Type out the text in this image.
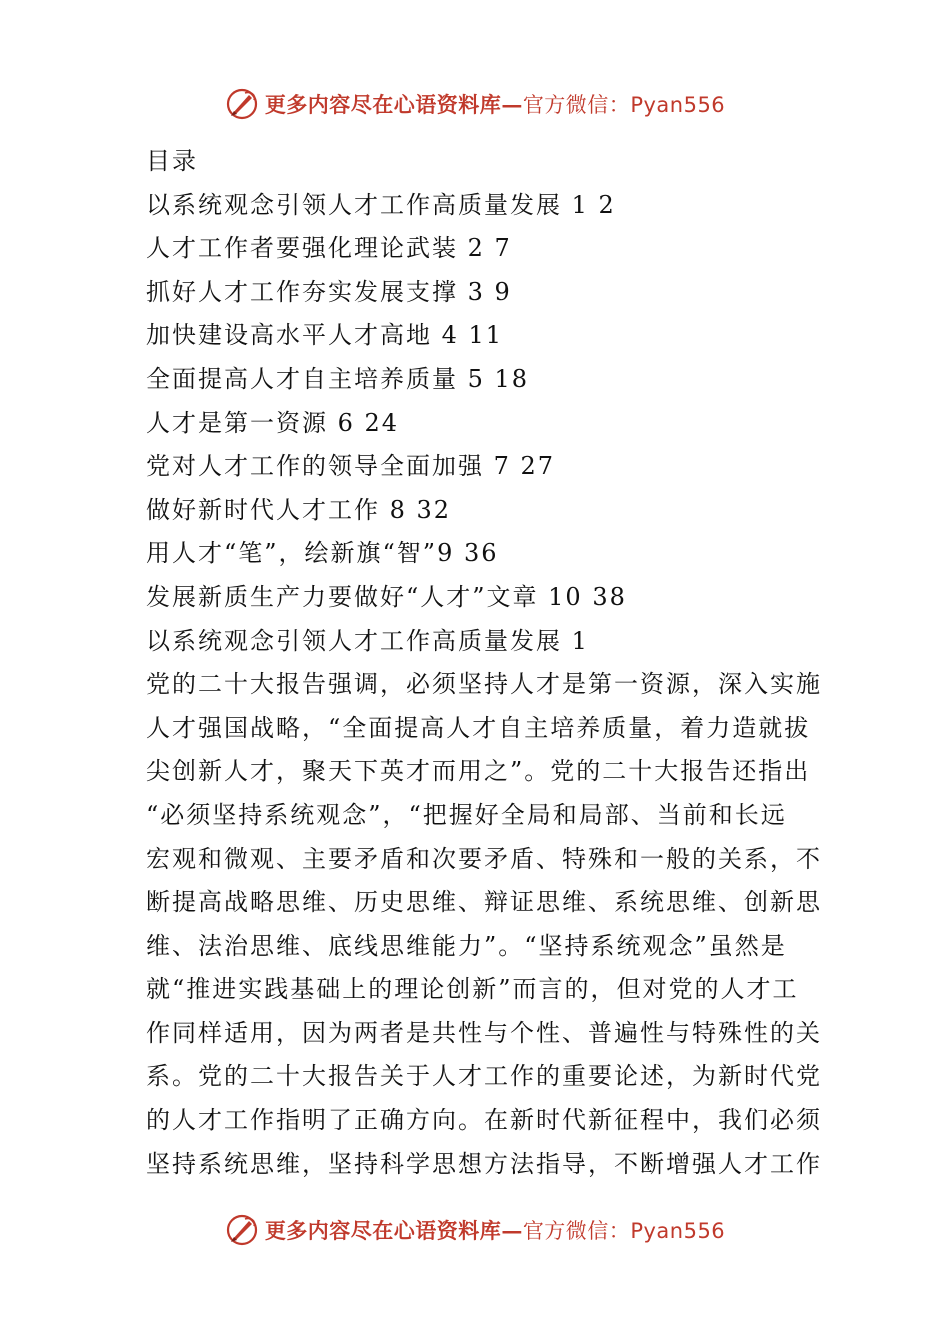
更多内容尽在心语资料库—官方微信：Pyan556
目录
以系统观念引领人才工作高质量发展 1 2
人才工作者要强化理论武装 2 7
抓好人才工作夯实发展支撑 3 9
加快建设高水平人才高地 4 11
全面提高人才自主培养质量 5 18
人才是第一资源 6 24
党对人才工作的领导全面加强 7 27
做好新时代人才工作 8 32
用人才“笔”，绘新旗“智”9 36
发展新质生产力要做好“人才”文章 10 38
以系统观念引领人才工作高质量发展 1
党的二十大报告强调，必须坚持人才是第一资源，深入实施
人才强国战略，“全面提高人才自主培养质量，着力造就拔
尖创新人才，聚天下英才而用之”。党的二十大报告还指出
“必须坚持系统观念”，“把握好全局和局部、当前和长远
宏观和微观、主要矛盾和次要矛盾、特殊和一般的关系，不
断提高战略思维、历史思维、辩证思维、系统思维、创新思
维、法治思维、底线思维能力”。“坚持系统观念”虽然是
就“推进实践基础上的理论创新”而言的，但对党的人才工
作同样适用，因为两者是共性与个性、普遍性与特殊性的关
系。党的二十大报告关于人才工作的重要论述，为新时代党
的人才工作指明了正确方向。在新时代新征程中，我们必须
坚持系统思维，坚持科学思想方法指导，不断增强人才工作
更多内容尽在心语资料库—官方微信：Pyan556
